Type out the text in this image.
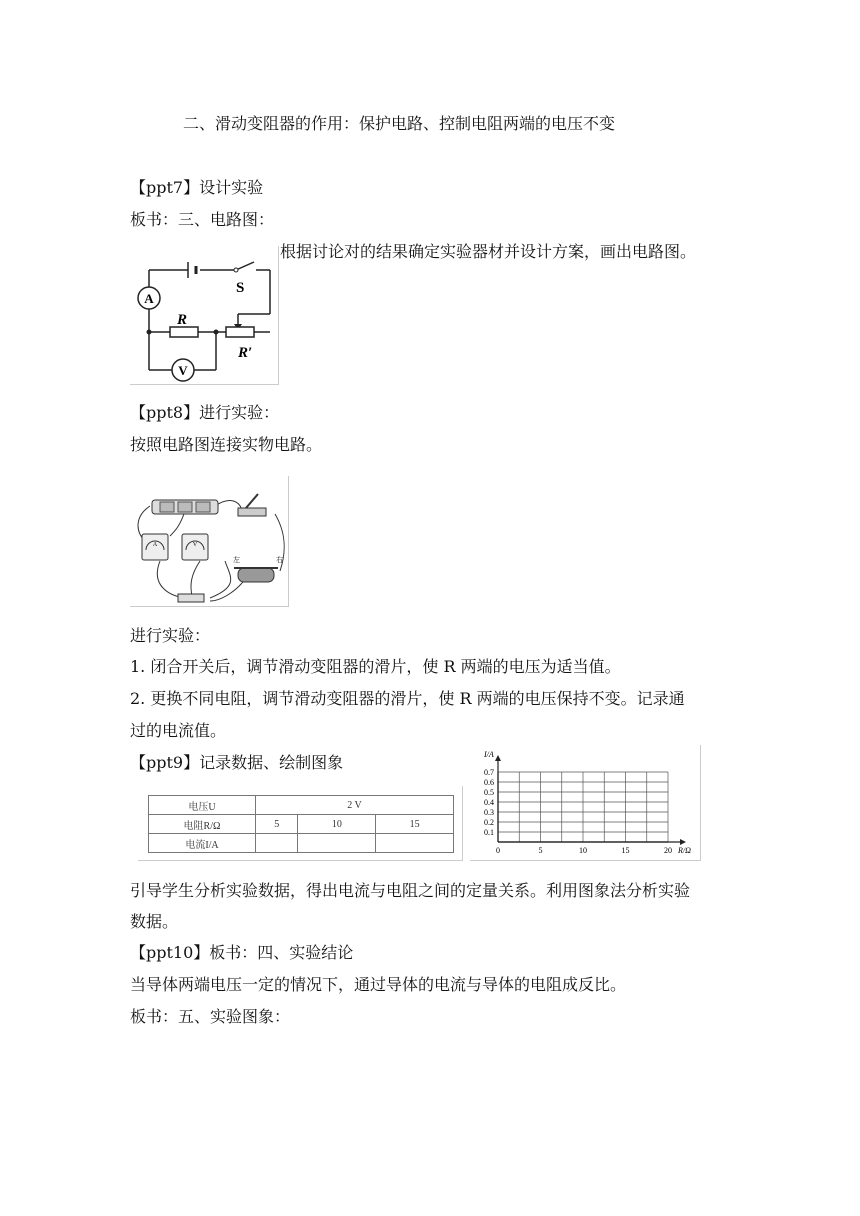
二、滑动变阻器的作用：保护电路、控制电阻两端的电压不变
【ppt7】设计实验
板书：三、电路图：
根据讨论对的结果确定实验器材并设计方案，画出电路图。
A
V
S
R
R′
【ppt8】进行实验：
按照电路图连接实物电路。
A	V
左	右
进行实验：
1. 闭合开关后，调节滑动变阻器的滑片，使 R 两端的电压为适当值。
2. 更换不同电阻，调节滑动变阻器的滑片，使 R 两端的电压保持不变。记录通
过的电流值。
【ppt9】记录数据、绘制图象
电压U	2 V		
电阻R/Ω	5	10	15
电流I/A			
0.7
0.6
0.5
0.4
0.3
0.2
0.1
0	5	10	15	20
I/A
R/Ω
引导学生分析实验数据，得出电流与电阻之间的定量关系。利用图象法分析实验
数据。
【ppt10】板书：四、实验结论
当导体两端电压一定的情况下，通过导体的电流与导体的电阻成反比。
板书：五、实验图象：
